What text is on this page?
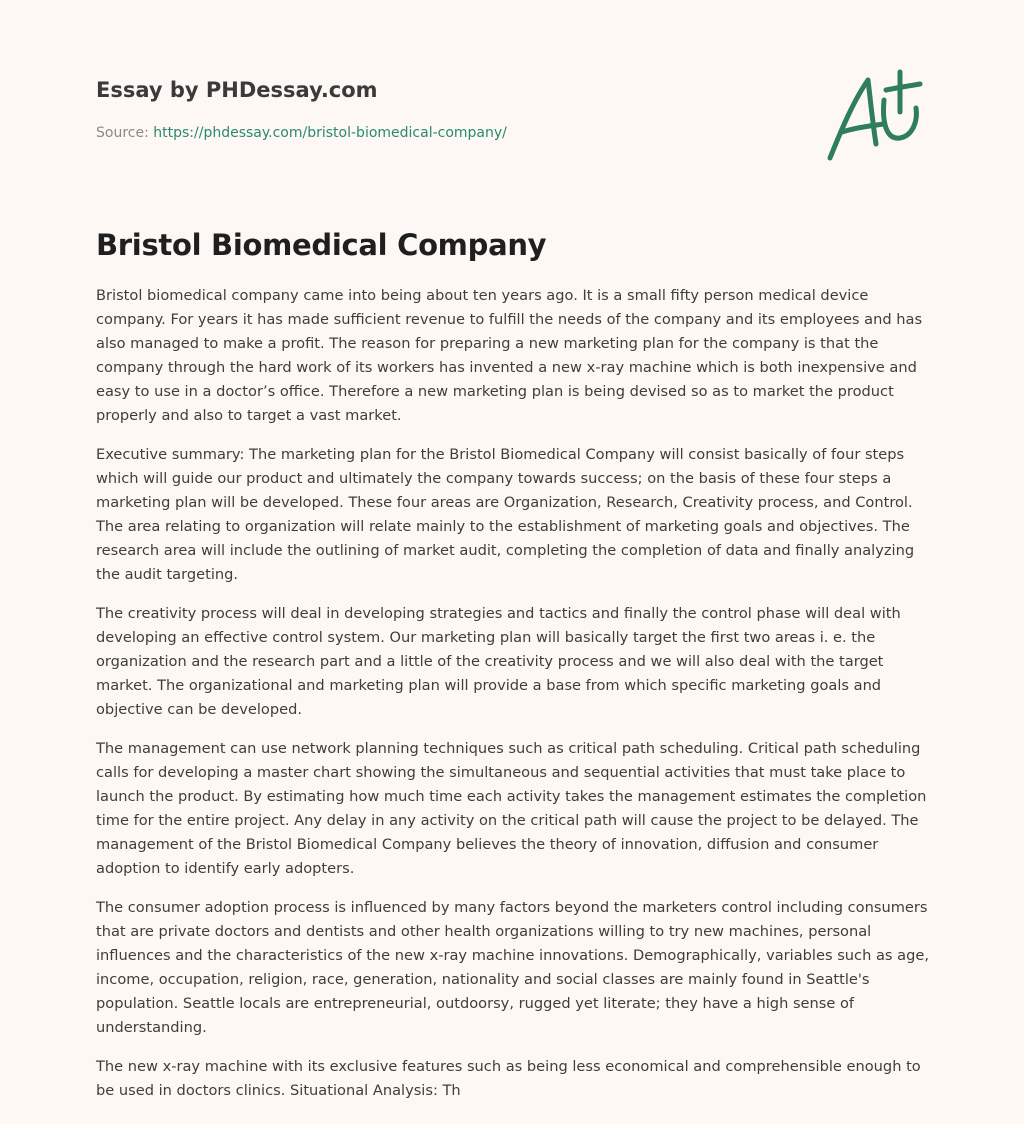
Essay by PHDessay.com
Source: https://phdessay.com/bristol-biomedical-company/
Bristol Biomedical Company

Bristol biomedical company came into being about ten years ago. It is a small fifty person medical device company. For years it has made sufficient revenue to fulfill the needs of the company and its employees and has also managed to make a profit. The reason for preparing a new marketing plan for the company is that the company through the hard work of its workers has invented a new x-ray machine which is both inexpensive and easy to use in a doctor’s office. Therefore a new marketing plan is being devised so as to market the product properly and also to target a vast market.

Executive summary: The marketing plan for the Bristol Biomedical Company will consist basically of four steps which will guide our product and ultimately the company towards success; on the basis of these four steps a marketing plan will be developed. These four areas are Organization, Research, Creativity process, and Control. The area relating to organization will relate mainly to the establishment of marketing goals and objectives. The research area will include the outlining of market audit, completing the completion of data and finally analyzing the audit targeting.

The creativity process will deal in developing strategies and tactics and finally the control phase will deal with developing an effective control system. Our marketing plan will basically target the first two areas i. e. the organization and the research part and a little of the creativity process and we will also deal with the target market. The organizational and marketing plan will provide a base from which specific marketing goals and objective can be developed.

The management can use network planning techniques such as critical path scheduling. Critical path scheduling calls for developing a master chart showing the simultaneous and sequential activities that must take place to launch the product. By estimating how much time each activity takes the management estimates the completion time for the entire project. Any delay in any activity on the critical path will cause the project to be delayed. The management of the Bristol Biomedical Company believes the theory of innovation, diffusion and consumer adoption to identify early adopters.

The consumer adoption process is influenced by many factors beyond the marketers control including consumers that are private doctors and dentists and other health organizations willing to try new machines, personal influences and the characteristics of the new x-ray machine innovations. Demographically, variables such as age, income, occupation, religion, race, generation, nationality and social classes are mainly found in Seattle's population. Seattle locals are entrepreneurial, outdoorsy, rugged yet literate; they have a high sense of understanding.

The new x-ray machine with its exclusive features such as being less economical and comprehensible enough to be used in doctors clinics. Situational Analysis: Th
